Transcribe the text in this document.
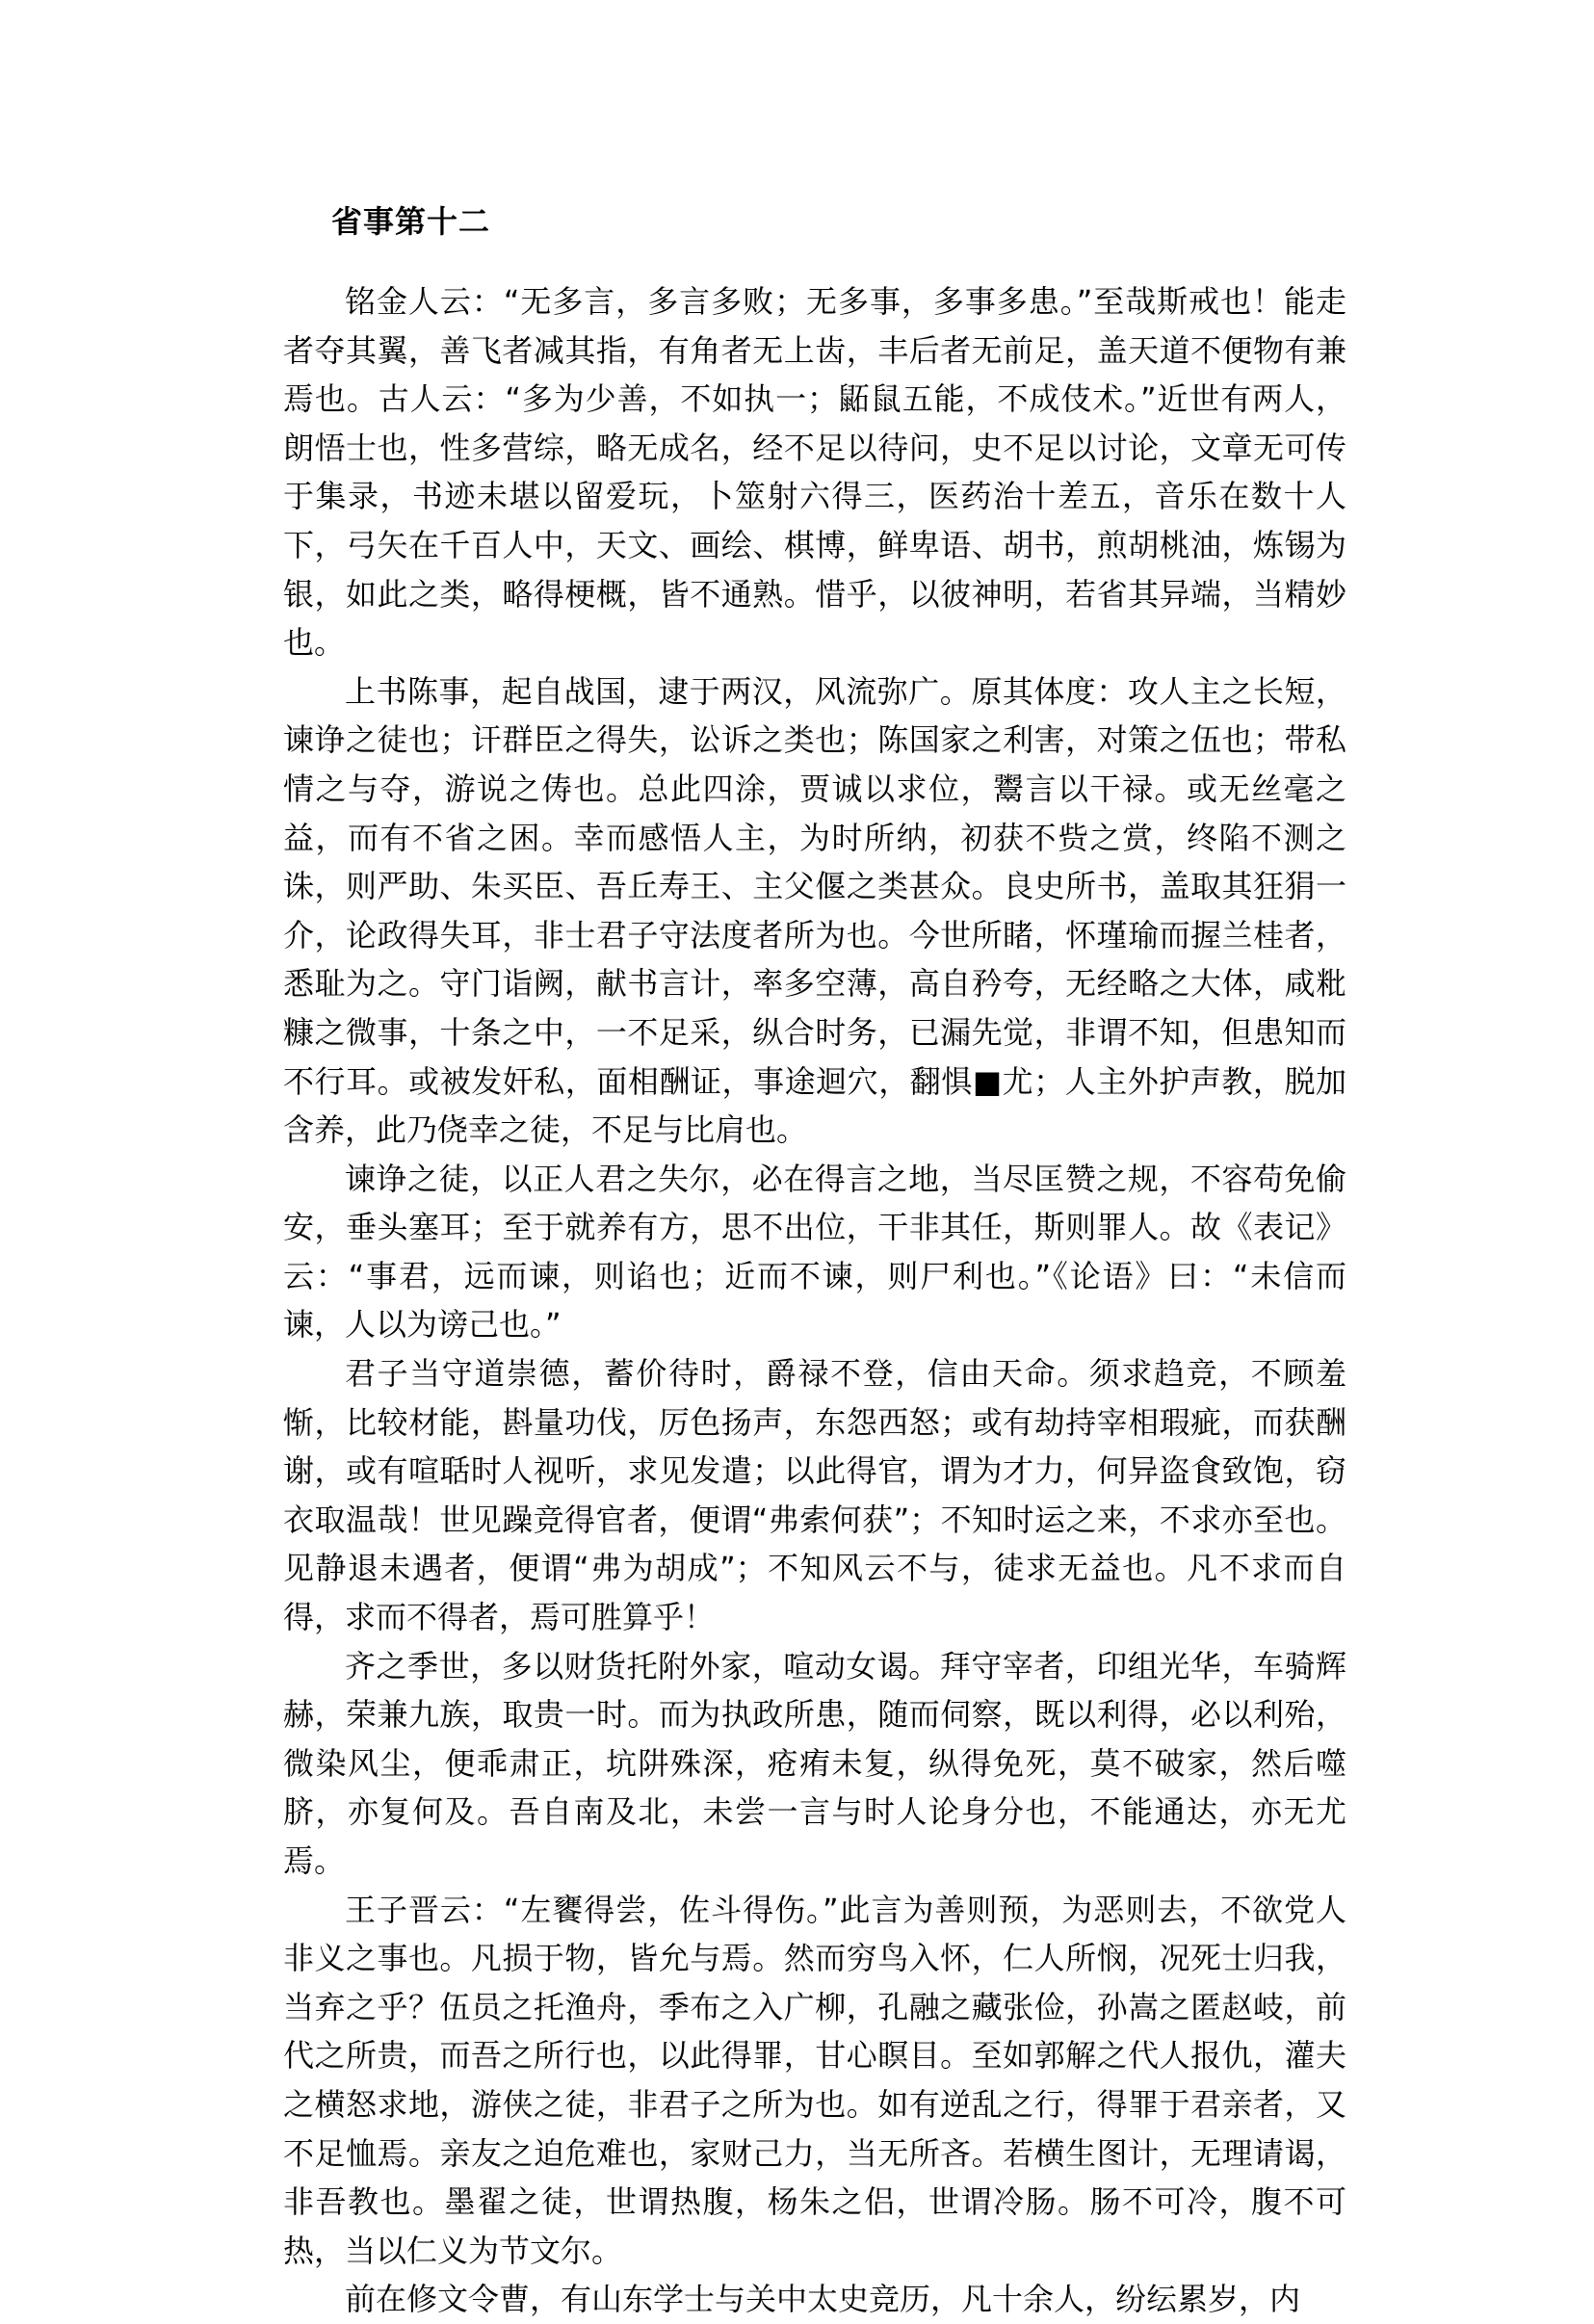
省事第十二

铭金人云：“无多言，多言多败；无多事，多事多患。”至哉斯戒也！能走者夺其翼，善飞者减其指，有角者无上齿，丰后者无前足，盖天道不便物有兼焉也。古人云：“多为少善，不如执一；鼫鼠五能，不成伎术。”近世有两人，朗悟士也，性多营综，略无成名，经不足以待问，史不足以讨论，文章无可传于集录，书迹未堪以留爱玩，卜筮射六得三，医药治十差五，音乐在数十人下，弓矢在千百人中，天文、画绘、棋博，鲜卑语、胡书，煎胡桃油，炼锡为银，如此之类，略得梗概，皆不通熟。惜乎，以彼神明，若省其异端，当精妙也。

上书陈事，起自战国，逮于两汉，风流弥广。原其体度：攻人主之长短，谏诤之徒也；讦群臣之得失，讼诉之类也；陈国家之利害，对策之伍也；带私情之与夺，游说之俦也。总此四涂，贾诚以求位，鬻言以干禄。或无丝毫之益，而有不省之困。幸而感悟人主，为时所纳，初获不赀之赏，终陷不测之诛，则严助、朱买臣、吾丘寿王、主父偃之类甚众。良史所书，盖取其狂狷一介，论政得失耳，非士君子守法度者所为也。今世所睹，怀瑾瑜而握兰桂者，悉耻为之。守门诣阙，献书言计，率多空薄，高自矜夸，无经略之大体，咸粃糠之微事，十条之中，一不足采，纵合时务，已漏先觉，非谓不知，但患知而不行耳。或被发奸私，面相酬证，事途迴穴，翻惧■尤；人主外护声教，脱加含养，此乃侥幸之徒，不足与比肩也。

谏诤之徒，以正人君之失尔，必在得言之地，当尽匡赞之规，不容苟免偷安，垂头塞耳；至于就养有方，思不出位，干非其任，斯则罪人。故《表记》云：“事君，远而谏，则谄也；近而不谏，则尸利也。”《论语》曰：“未信而谏，人以为谤己也。”

君子当守道崇德，蓄价待时，爵禄不登，信由天命。须求趋竞，不顾羞惭，比较材能，斟量功伐，厉色扬声，东怨西怒；或有劫持宰相瑕疵，而获酬谢，或有喧聒时人视听，求见发遣；以此得官，谓为才力，何异盗食致饱，窃衣取温哉！世见躁竞得官者，便谓“弗索何获”；不知时运之来，不求亦至也。见静退未遇者，便谓“弗为胡成”；不知风云不与，徒求无益也。凡不求而自得，求而不得者，焉可胜算乎！

齐之季世，多以财货托附外家，喧动女谒。拜守宰者，印组光华，车骑辉赫，荣兼九族，取贵一时。而为执政所患，随而伺察，既以利得，必以利殆，微染风尘，便乖肃正，坑阱殊深，疮痏未复，纵得免死，莫不破家，然后噬脐，亦复何及。吾自南及北，未尝一言与时人论身分也，不能通达，亦无尤焉。

王子晋云：“左饔得尝，佐斗得伤。”此言为善则预，为恶则去，不欲党人非义之事也。凡损于物，皆允与焉。然而穷鸟入怀，仁人所悯，况死士归我，当弃之乎？伍员之托渔舟，季布之入广柳，孔融之藏张俭，孙嵩之匿赵岐，前代之所贵，而吾之所行也，以此得罪，甘心瞑目。至如郭解之代人报仇，灌夫之横怒求地，游侠之徒，非君子之所为也。如有逆乱之行，得罪于君亲者，又不足恤焉。亲友之迫危难也，家财己力，当无所吝。若横生图计，无理请谒，非吾教也。墨翟之徒，世谓热腹，杨朱之侣，世谓冷肠。肠不可冷，腹不可热，当以仁义为节文尔。

前在修文令曹，有山东学士与关中太史竞历，凡十余人，纷纭累岁，内
